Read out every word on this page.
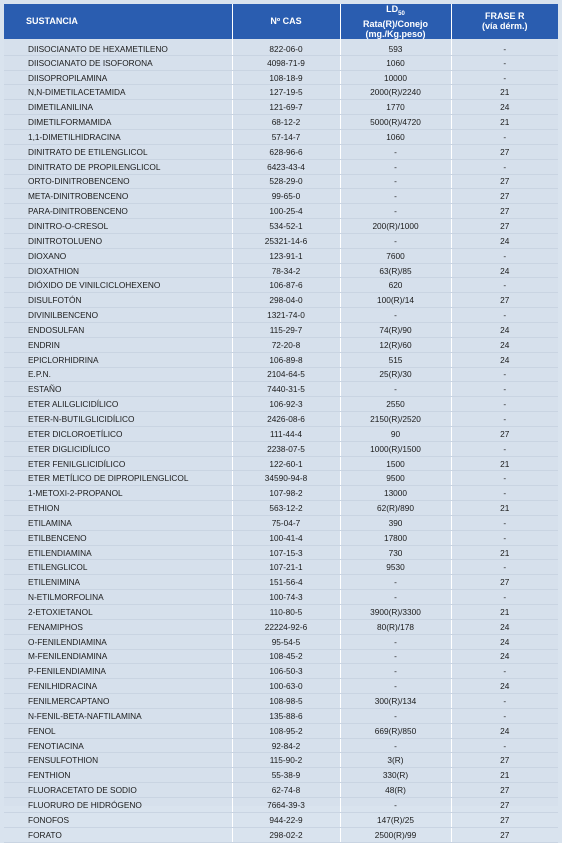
SUSTANCIA	Nº CAS	$LD_{50}$
Rata(R)/Conejo
(mg./Kg.peso)	FRASE R
(vía dérm.)

DIISOCIANATO DE HEXAMETILENO	822-06-0	593	-
DIISOCIANATO DE ISOFORONA	4098-71-9	1060	-
DIISOPROPILAMINA	108-18-9	10000	-
N,N-DIMETILACETAMIDA	127-19-5	2000(R)/2240	21
DIMETILANILINA	121-69-7	1770	24
DIMETILFORMAMIDA	68-12-2	5000(R)/4720	21
1,1-DIMETILHIDRACINA	57-14-7	1060	-
DINITRATO DE ETILENGLICOL	628-96-6	-	27
DINITRATO DE PROPILENGLICOL	6423-43-4	-	-
ORTO-DINITROBENCENO	528-29-0	-	27
META-DINITROBENCENO	99-65-0	-	27
PARA-DINITROBENCENO	100-25-4	-	27
DINITRO-O-CRESOL	534-52-1	200(R)/1000	27
DINITROTOLUENO	25321-14-6	-	24
DIOXANO	123-91-1	7600	-
DIOXATHION	78-34-2	63(R)/85	24
DIÓXIDO DE VINILCICLOHEXENO	106-87-6	620	-
DISULFOTÓN	298-04-0	100(R)/14	27
DIVINILBENCENO	1321-74-0	-	-
ENDOSULFAN	115-29-7	74(R)/90	24
ENDRIN	72-20-8	12(R)/60	24
EPICLORHIDRINA	106-89-8	515	24
E.P.N.	2104-64-5	25(R)/30	-
ESTAÑO	7440-31-5	-	-
ETER ALILGLICIDÍLICO	106-92-3	2550	-
ETER-N-BUTILGLICIDÍLICO	2426-08-6	2150(R)/2520	-
ETER DICLOROETÍLICO	111-44-4	90	27
ETER DIGLICIDÍLICO	2238-07-5	1000(R)/1500	-
ETER FENILGLICIDÍLICO	122-60-1	1500	21
ETER METÍLICO DE DIPROPILENGLICOL	34590-94-8	9500	-
1-METOXI-2-PROPANOL	107-98-2	13000	-
ETHION	563-12-2	62(R)/890	21
ETILAMINA	75-04-7	390	-
ETILBENCENO	100-41-4	17800	-
ETILENDIAMINA	107-15-3	730	21
ETILENGLICOL	107-21-1	9530	-
ETILENIMINA	151-56-4	-	27
N-ETILMORFOLINA	100-74-3	-	-
2-ETOXIETANOL	110-80-5	3900(R)/3300	21
FENAMIPHOS	22224-92-6	80(R)/178	24
O-FENILENDIAMINA	95-54-5	-	24
M-FENILENDIAMINA	108-45-2	-	24
P-FENILENDIAMINA	106-50-3	-	-
FENILHIDRACINA	100-63-0	-	24
FENILMERCAPTANO	108-98-5	300(R)/134	-
N-FENIL-BETA-NAFTILAMINA	135-88-6	-	-
FENOL	108-95-2	669(R)/850	24
FENOTIACINA	92-84-2	-	-
FENSULFOTHION	115-90-2	3(R)	27
FENTHION	55-38-9	330(R)	21
FLUORACETATO DE SODIO	62-74-8	48(R)	27
FLUORURO DE HIDRÓGENO	7664-39-3	-	27
FONOFOS	944-22-9	147(R)/25	27
FORATO	298-02-2	2500(R)/99	27
